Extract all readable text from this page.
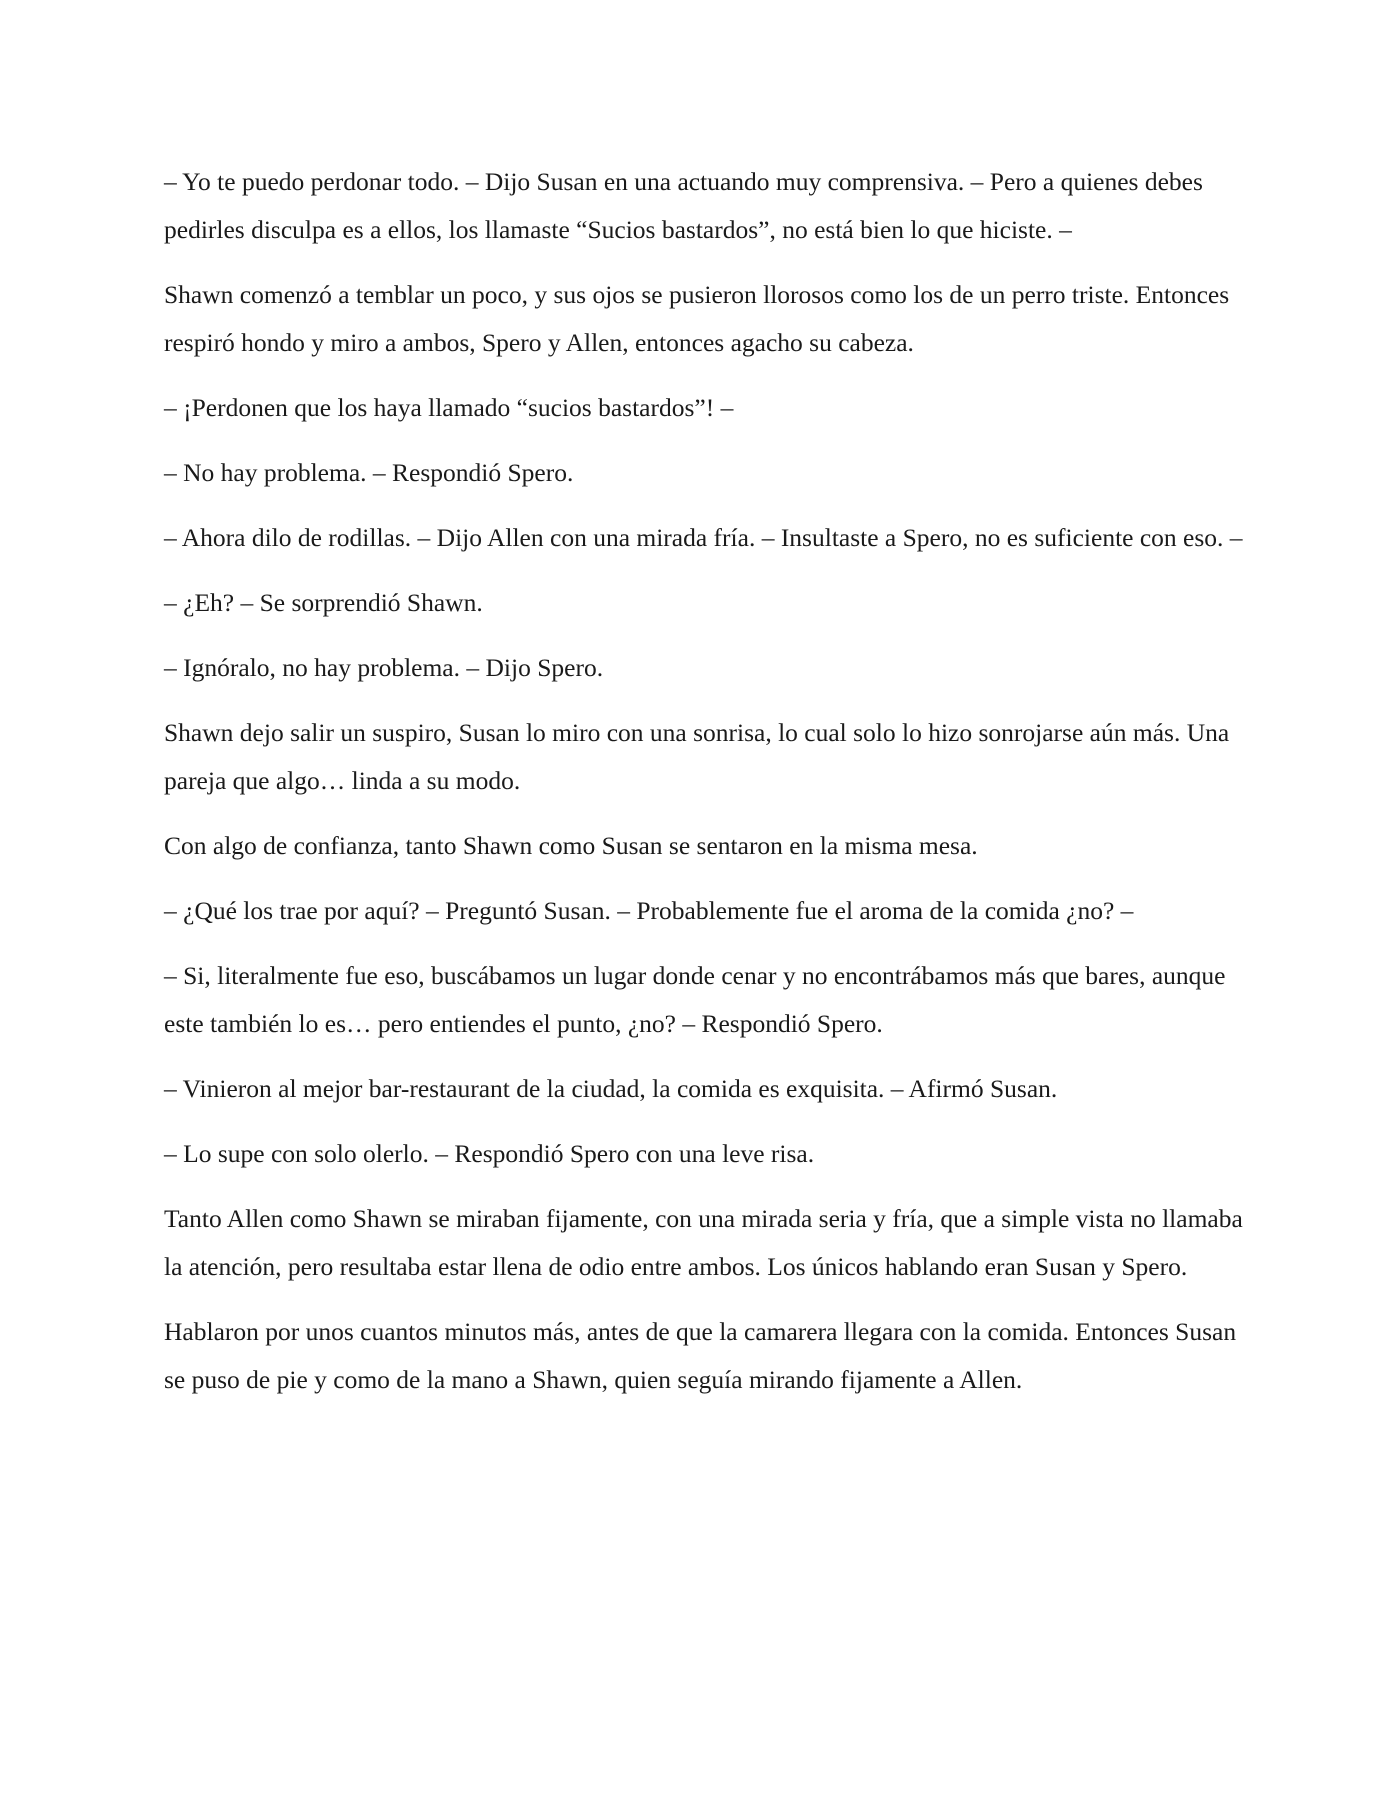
– Yo te puedo perdonar todo. – Dijo Susan en una actuando muy comprensiva. – Pero a quienes debes pedirles disculpa es a ellos, los llamaste “Sucios bastardos”, no está bien lo que hiciste. –

Shawn comenzó a temblar un poco, y sus ojos se pusieron llorosos como los de un perro triste. Entonces respiró hondo y miro a ambos, Spero y Allen, entonces agacho su cabeza.

– ¡Perdonen que los haya llamado “sucios bastardos”! –

– No hay problema. – Respondió Spero.

– Ahora dilo de rodillas. – Dijo Allen con una mirada fría. – Insultaste a Spero, no es suficiente con eso. –

– ¿Eh? – Se sorprendió Shawn.

– Ignóralo, no hay problema. – Dijo Spero.

Shawn dejo salir un suspiro, Susan lo miro con una sonrisa, lo cual solo lo hizo sonrojarse aún más. Una pareja que algo… linda a su modo.

Con algo de confianza, tanto Shawn como Susan se sentaron en la misma mesa.

– ¿Qué los trae por aquí? – Preguntó Susan. – Probablemente fue el aroma de la comida ¿no? –

– Si, literalmente fue eso, buscábamos un lugar donde cenar y no encontrábamos más que bares, aunque este también lo es… pero entiendes el punto, ¿no? – Respondió Spero.

– Vinieron al mejor bar-restaurant de la ciudad, la comida es exquisita. – Afirmó Susan.

– Lo supe con solo olerlo. – Respondió Spero con una leve risa.

Tanto Allen como Shawn se miraban fijamente, con una mirada seria y fría, que a simple vista no llamaba la atención, pero resultaba estar llena de odio entre ambos. Los únicos hablando eran Susan y Spero.

Hablaron por unos cuantos minutos más, antes de que la camarera llegara con la comida. Entonces Susan se puso de pie y como de la mano a Shawn, quien seguía mirando fijamente a Allen.
